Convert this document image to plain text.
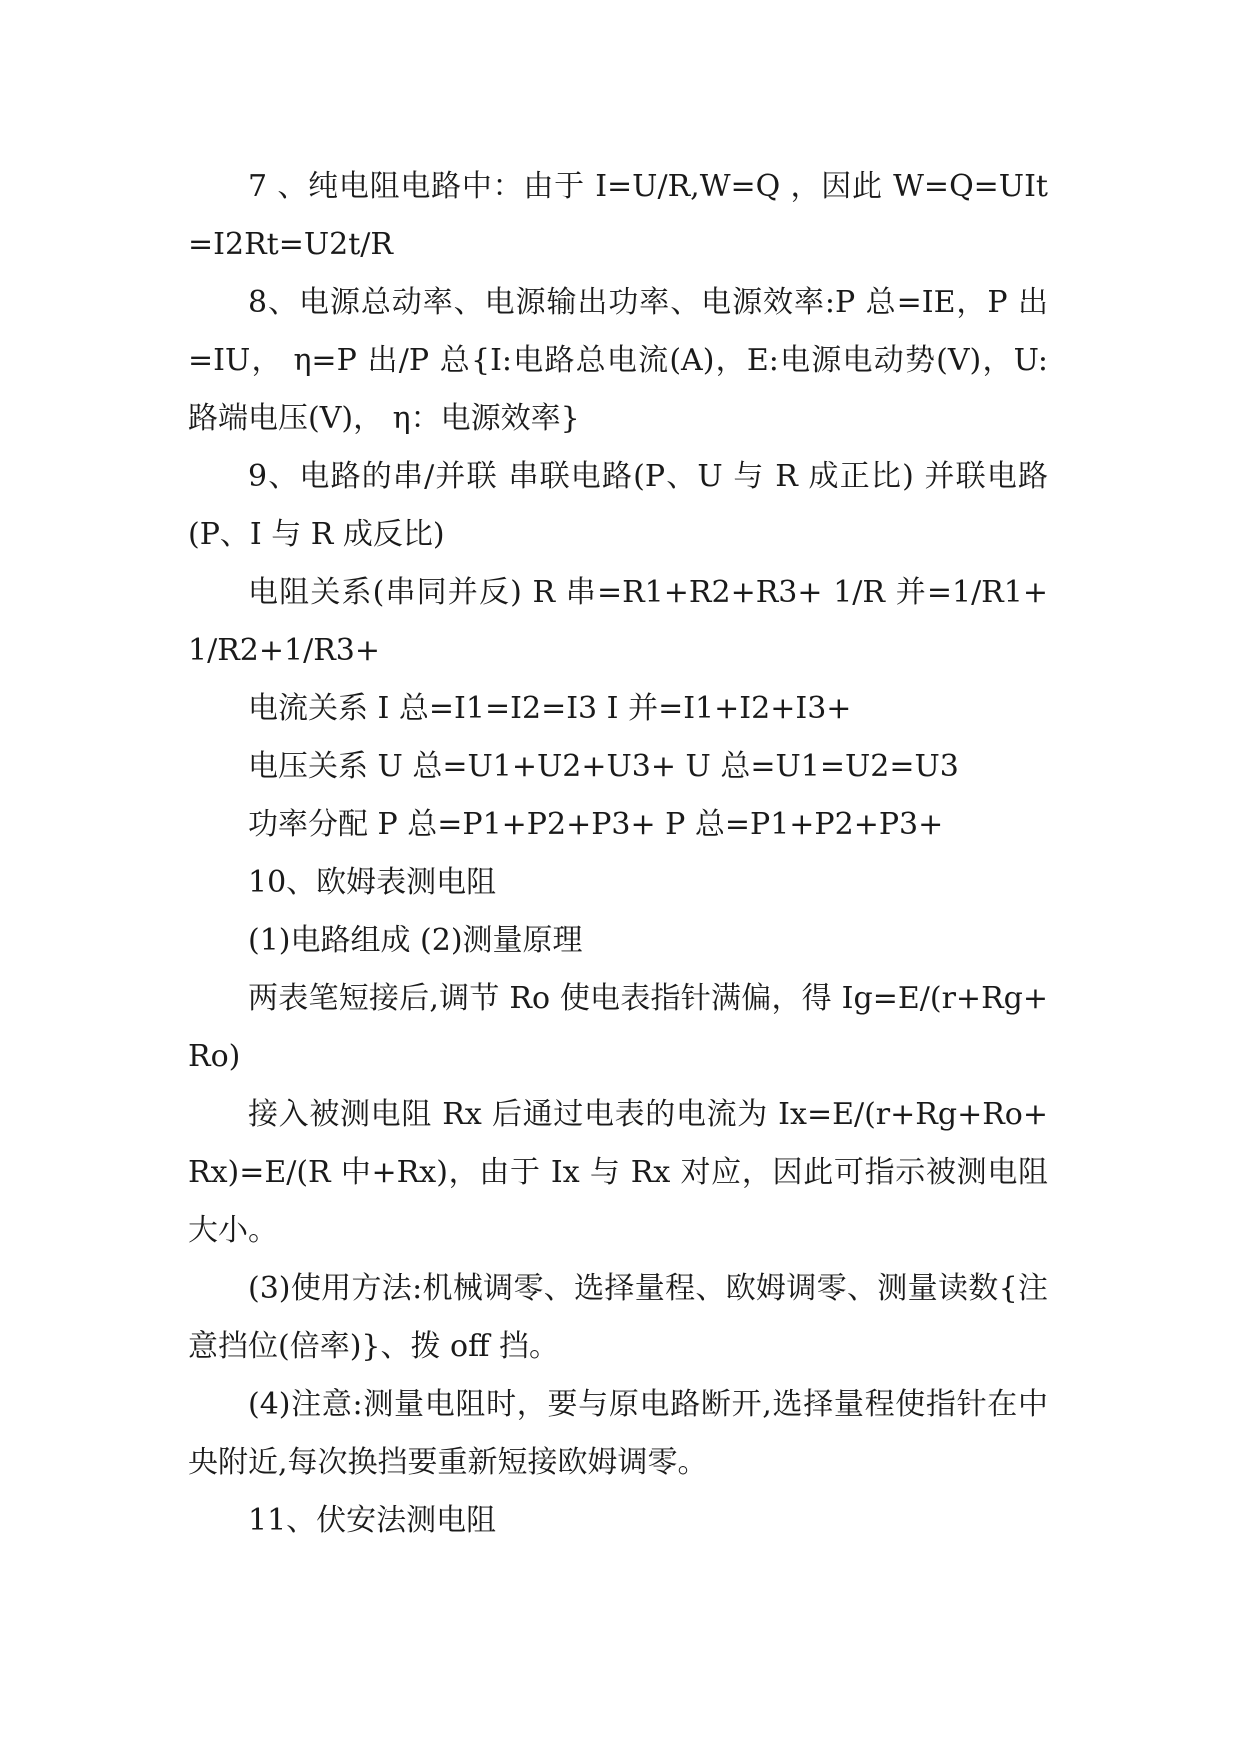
7 、纯电阻电路中：由于 I=U/R,W=Q ，因此 W=Q=UIt=I2Rt=U2t/R

8、电源总动率、电源输出功率、电源效率:P 总=IE，P 出=IU， η=P 出/P 总{I:电路总电流(A)，E:电源电动势(V)，U:路端电压(V)， η：电源效率}

9、电路的串/并联 串联电路(P、U 与 R 成正比) 并联电路(P、I 与 R 成反比)

电阻关系(串同并反) R 串=R1+R2+R3+ 1/R 并=1/R1+1/R2+1/R3+

电流关系 I 总=I1=I2=I3 I 并=I1+I2+I3+

电压关系 U 总=U1+U2+U3+ U 总=U1=U2=U3

功率分配 P 总=P1+P2+P3+ P 总=P1+P2+P3+

10、欧姆表测电阻

(1)电路组成 (2)测量原理

两表笔短接后,调节 Ro 使电表指针满偏，得 Ig=E/(r+Rg+Ro)

接入被测电阻 Rx 后通过电表的电流为 Ix=E/(r+Rg+Ro+Rx)=E/(R 中+Rx)，由于 Ix 与 Rx 对应，因此可指示被测电阻大小。

(3)使用方法:机械调零、选择量程、欧姆调零、测量读数{注意挡位(倍率)}、拨 off 挡。

(4)注意:测量电阻时，要与原电路断开,选择量程使指针在中央附近,每次换挡要重新短接欧姆调零。

11、伏安法测电阻
